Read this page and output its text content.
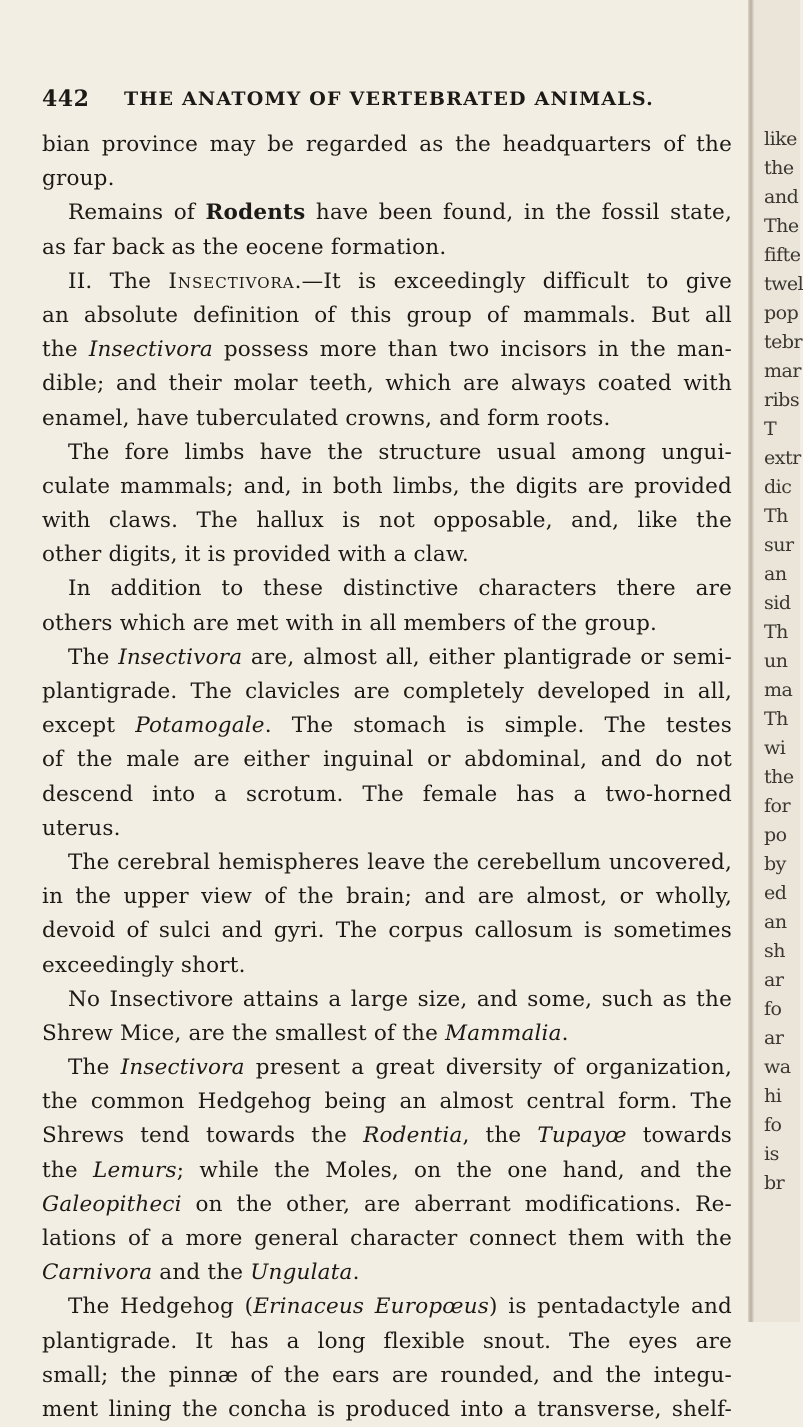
442 THE ANATOMY OF VERTEBRATED ANIMALS.
bian province may be regarded as the headquarters of the
group.
Remains of Rodents have been found, in the fossil state,
as far back as the eocene formation.
II. The Insectivora.—It is exceedingly difficult to give
an absolute definition of this group of mammals. But all
the Insectivora possess more than two incisors in the man-
dible; and their molar teeth, which are always coated with
enamel, have tuberculated crowns, and form roots.
The fore limbs have the structure usual among ungui-
culate mammals; and, in both limbs, the digits are provided
with claws. The hallux is not opposable, and, like the
other digits, it is provided with a claw.
In addition to these distinctive characters there are
others which are met with in all members of the group.
The Insectivora are, almost all, either plantigrade or semi-
plantigrade. The clavicles are completely developed in all,
except Potamogale. The stomach is simple. The testes
of the male are either inguinal or abdominal, and do not
descend into a scrotum. The female has a two-horned
uterus.
The cerebral hemispheres leave the cerebellum uncovered,
in the upper view of the brain; and are almost, or wholly,
devoid of sulci and gyri. The corpus callosum is sometimes
exceedingly short.
No Insectivore attains a large size, and some, such as the
Shrew Mice, are the smallest of the Mammalia.
The Insectivora present a great diversity of organization,
the common Hedgehog being an almost central form. The
Shrews tend towards the Rodentia, the Tupayœ towards
the Lemurs; while the Moles, on the one hand, and the
Galeopitheci on the other, are aberrant modifications. Re-
lations of a more general character connect them with the
Carnivora and the Ungulata.
The Hedgehog (Erinaceus Europœus) is pentadactyle and
plantigrade. It has a long flexible snout. The eyes are
small; the pinnæ of the ears are rounded, and the integu-
ment lining the concha is produced into a transverse, shelf-
like
the
and
The
fifte
twel
pop
tebr
mar
ribs
T
extr
dic
Th
sur
an
sid
Th
un
ma
Th
wi
the
for
po
by
ed
an
sh
ar
fo
ar
wa
hi
fo
is
br
